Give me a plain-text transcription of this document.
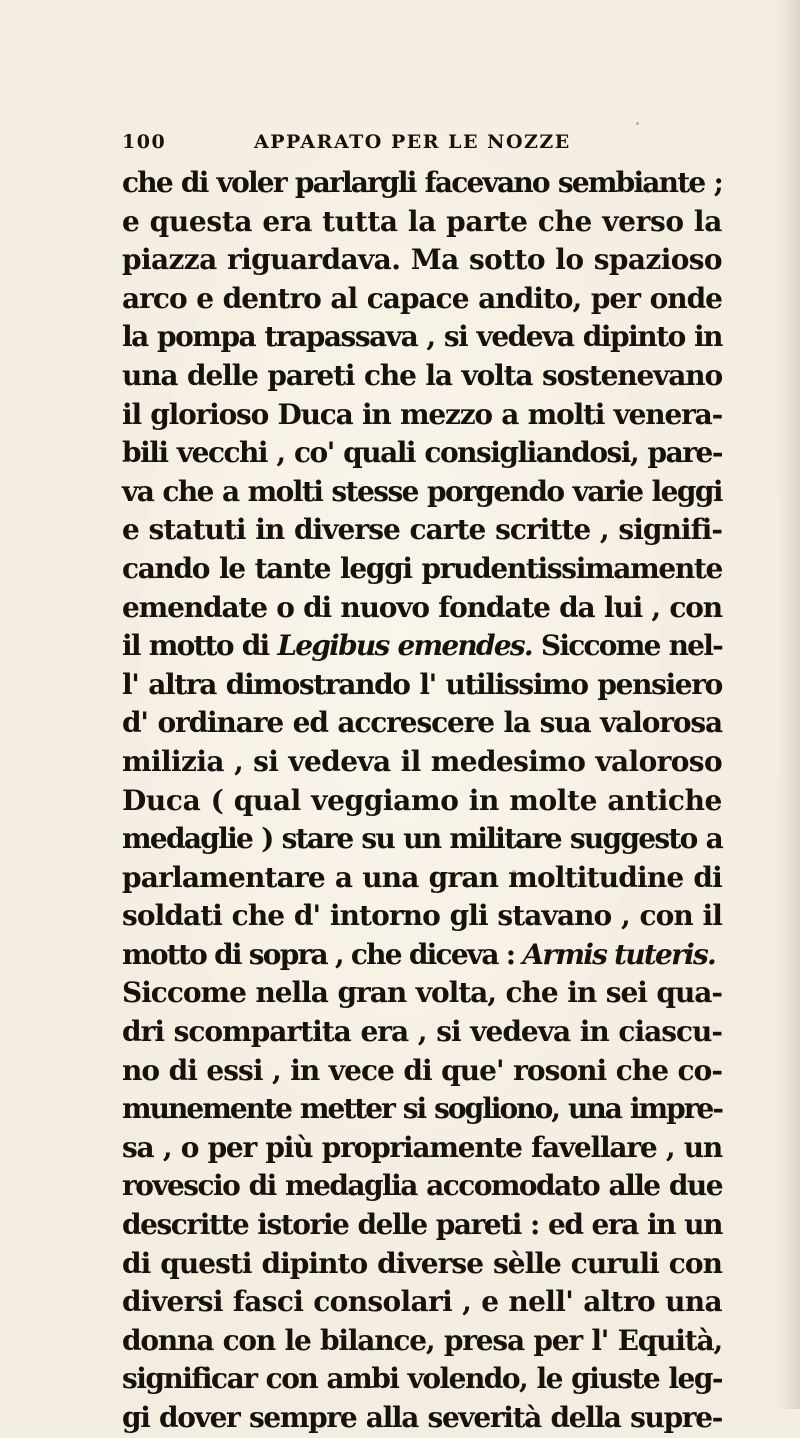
100	APPARATO PER LE NOZZE
che di voler parlargli facevano sembiante ;
e questa era tutta la parte che verso la
piazza riguardava. Ma sotto lo spazioso
arco e dentro al capace andito, per onde
la pompa trapassava , si vedeva dipinto in
una delle pareti che la volta sostenevano
il glorioso Duca in mezzo a molti venera-
bili vecchi , co' quali consigliandosi, pare-
va che a molti stesse porgendo varie leggi
e statuti in diverse carte scritte , signifi-
cando le tante leggi prudentissimamente
emendate o di nuovo fondate da lui , con
il motto di Legibus emendes. Siccome nel-
l' altra dimostrando l' utilissimo pensiero
d' ordinare ed accrescere la sua valorosa
milizia , si vedeva il medesimo valoroso
Duca ( qual veggiamo in molte antiche
medaglie ) stare su un militare suggesto a
parlamentare a una gran moltitudine di
soldati che d' intorno gli stavano , con il
motto di sopra , che diceva : Armis tuteris.
Siccome nella gran volta, che in sei qua-
dri scompartita era , si vedeva in ciascu-
no di essi , in vece di que' rosoni che co-
munemente metter si sogliono, una impre-
sa , o per più propriamente favellare , un
rovescio di medaglia accomodato alle due
descritte istorie delle pareti : ed era in un
di questi dipinto diverse sèlle curuli con
diversi fasci consolari , e nell' altro una
donna con le bilance, presa per l' Equità,
significar con ambi volendo, le giuste leg-
gi dover sempre alla severità della supre-
